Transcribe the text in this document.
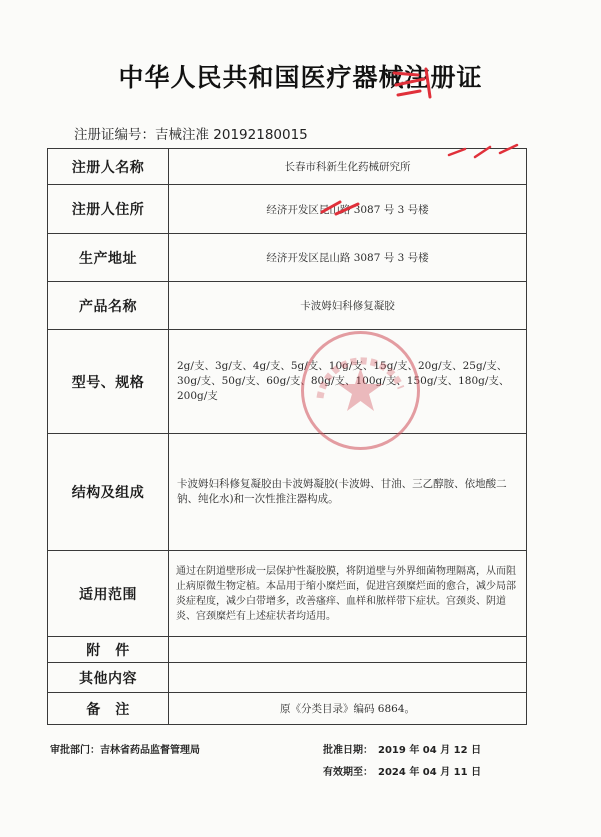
中华人民共和国医疗器械注册证
注册证编号：吉械注准 20192180015
注册人名称	长春市科新生化药械研究所
注册人住所	经济开发区昆山路 3087 号 3 号楼
生产地址	经济开发区昆山路 3087 号 3 号楼
产品名称	卡波姆妇科修复凝胶
型号、规格	2g/支、3g/支、4g/支、5g/支、10g/支、15g/支、20g/支、25g/支、30g/支、50g/支、60g/支、80g/支、100g/支、150g/支、180g/支、200g/支
结构及组成	卡波姆妇科修复凝胶由卡波姆凝胶(卡波姆、甘油、三乙醇胺、依地酸二钠、纯化水)和一次性推注器构成。
适用范围	通过在阴道壁形成一层保护性凝胶膜，将阴道壁与外界细菌物理隔离，从而阻止病原微生物定植。本品用于缩小糜烂面，促进宫颈糜烂面的愈合，减少局部炎症程度，减少白带增多，改善瘙痒、血样和脓样带下症状。宫颈炎、阴道炎、宫颈糜烂有上述症状者均适用。
附　件	
其他内容	
备　注	原《分类目录》编码 6864。
审批部门：吉林省药品监督管理局	批准日期：　2019 年 04 月 12 日
有效期至：　2024 年 04 月 11 日
